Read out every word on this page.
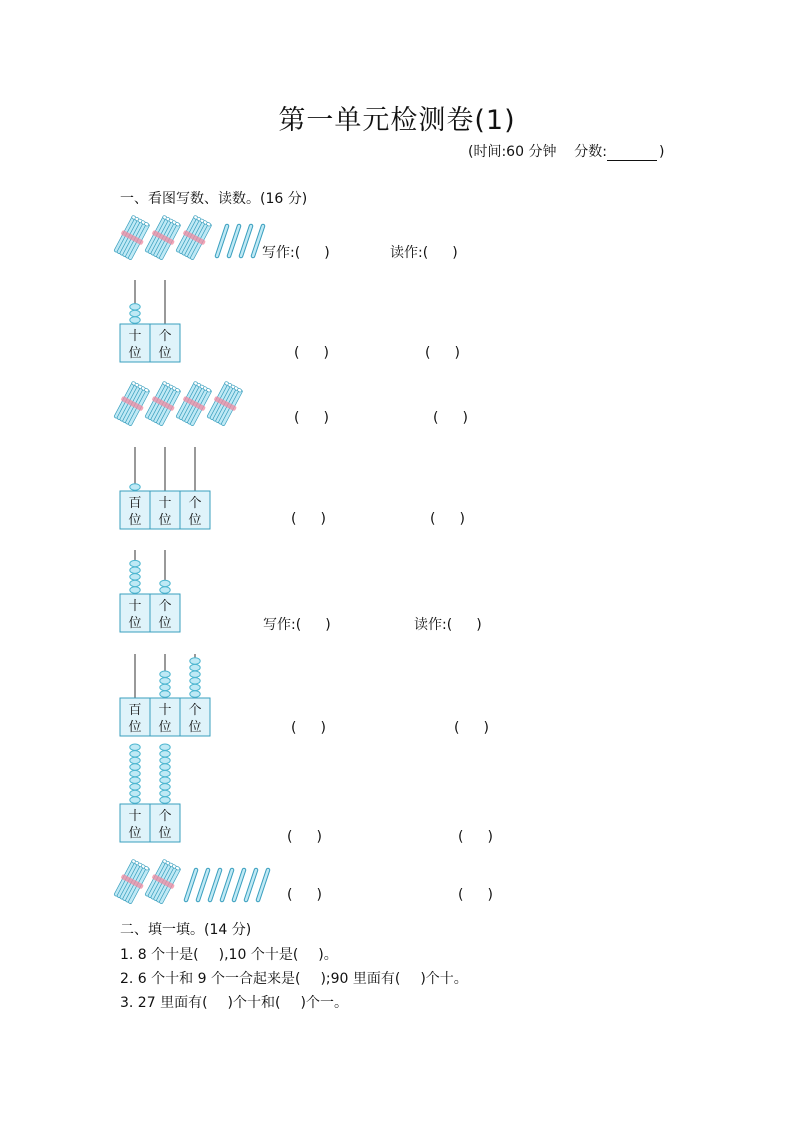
第一单元检测卷(1)
(时间:60 分钟 分数:	)
一、看图写数、读数。(16 分)
写作:( )	读作:( )
十
位
个
位	( )	( )
( )	( )
百
位
十
位
个
位	( )	( )
十
位
个
位	写作:( )	读作:( )
百
位
十
位
个
位	( )	( )
十
位
个
位	( )	( )
( )	( )
二、填一填。(14 分)
1. 8 个十是( ),10 个十是( )。
2. 6 个十和 9 个一合起来是( );90 里面有( )个十。
3. 27 里面有( )个十和( )个一。
